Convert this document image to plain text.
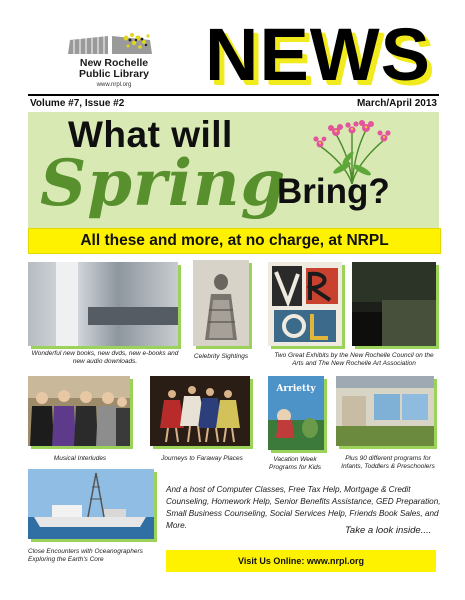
New Rochelle
Public Library
www.nrpl.org NEWS
Volume #7, Issue #2	March/April 2013
What will
Spring
Bring?
All these and more, at no charge, at NRPL
Wonderful new books, new dvds, new e-books and new audio downloads.
Celebrity Sightings	Two Great Exhibits by the New Rochelle Council on the Arts and The New Rochelle Art Association
Musical Interludes	Journeys to Faraway Places
Arrietty
Vacation Week Programs for Kids
Plus 90 different programs for Infants, Toddlers & Preschoolers
Close Encounters with Oceanographers Exploring the Earth's Core
And a host of Computer Classes, Free Tax Help, Mortgage & Credit Counseling, Homework Help, Senior Benefits Assistance, GED Preparation, Small Business Counseling, Social Services Help, Friends Book Sales, and More.	Take a look inside....
Visit Us Online: www.nrpl.org
